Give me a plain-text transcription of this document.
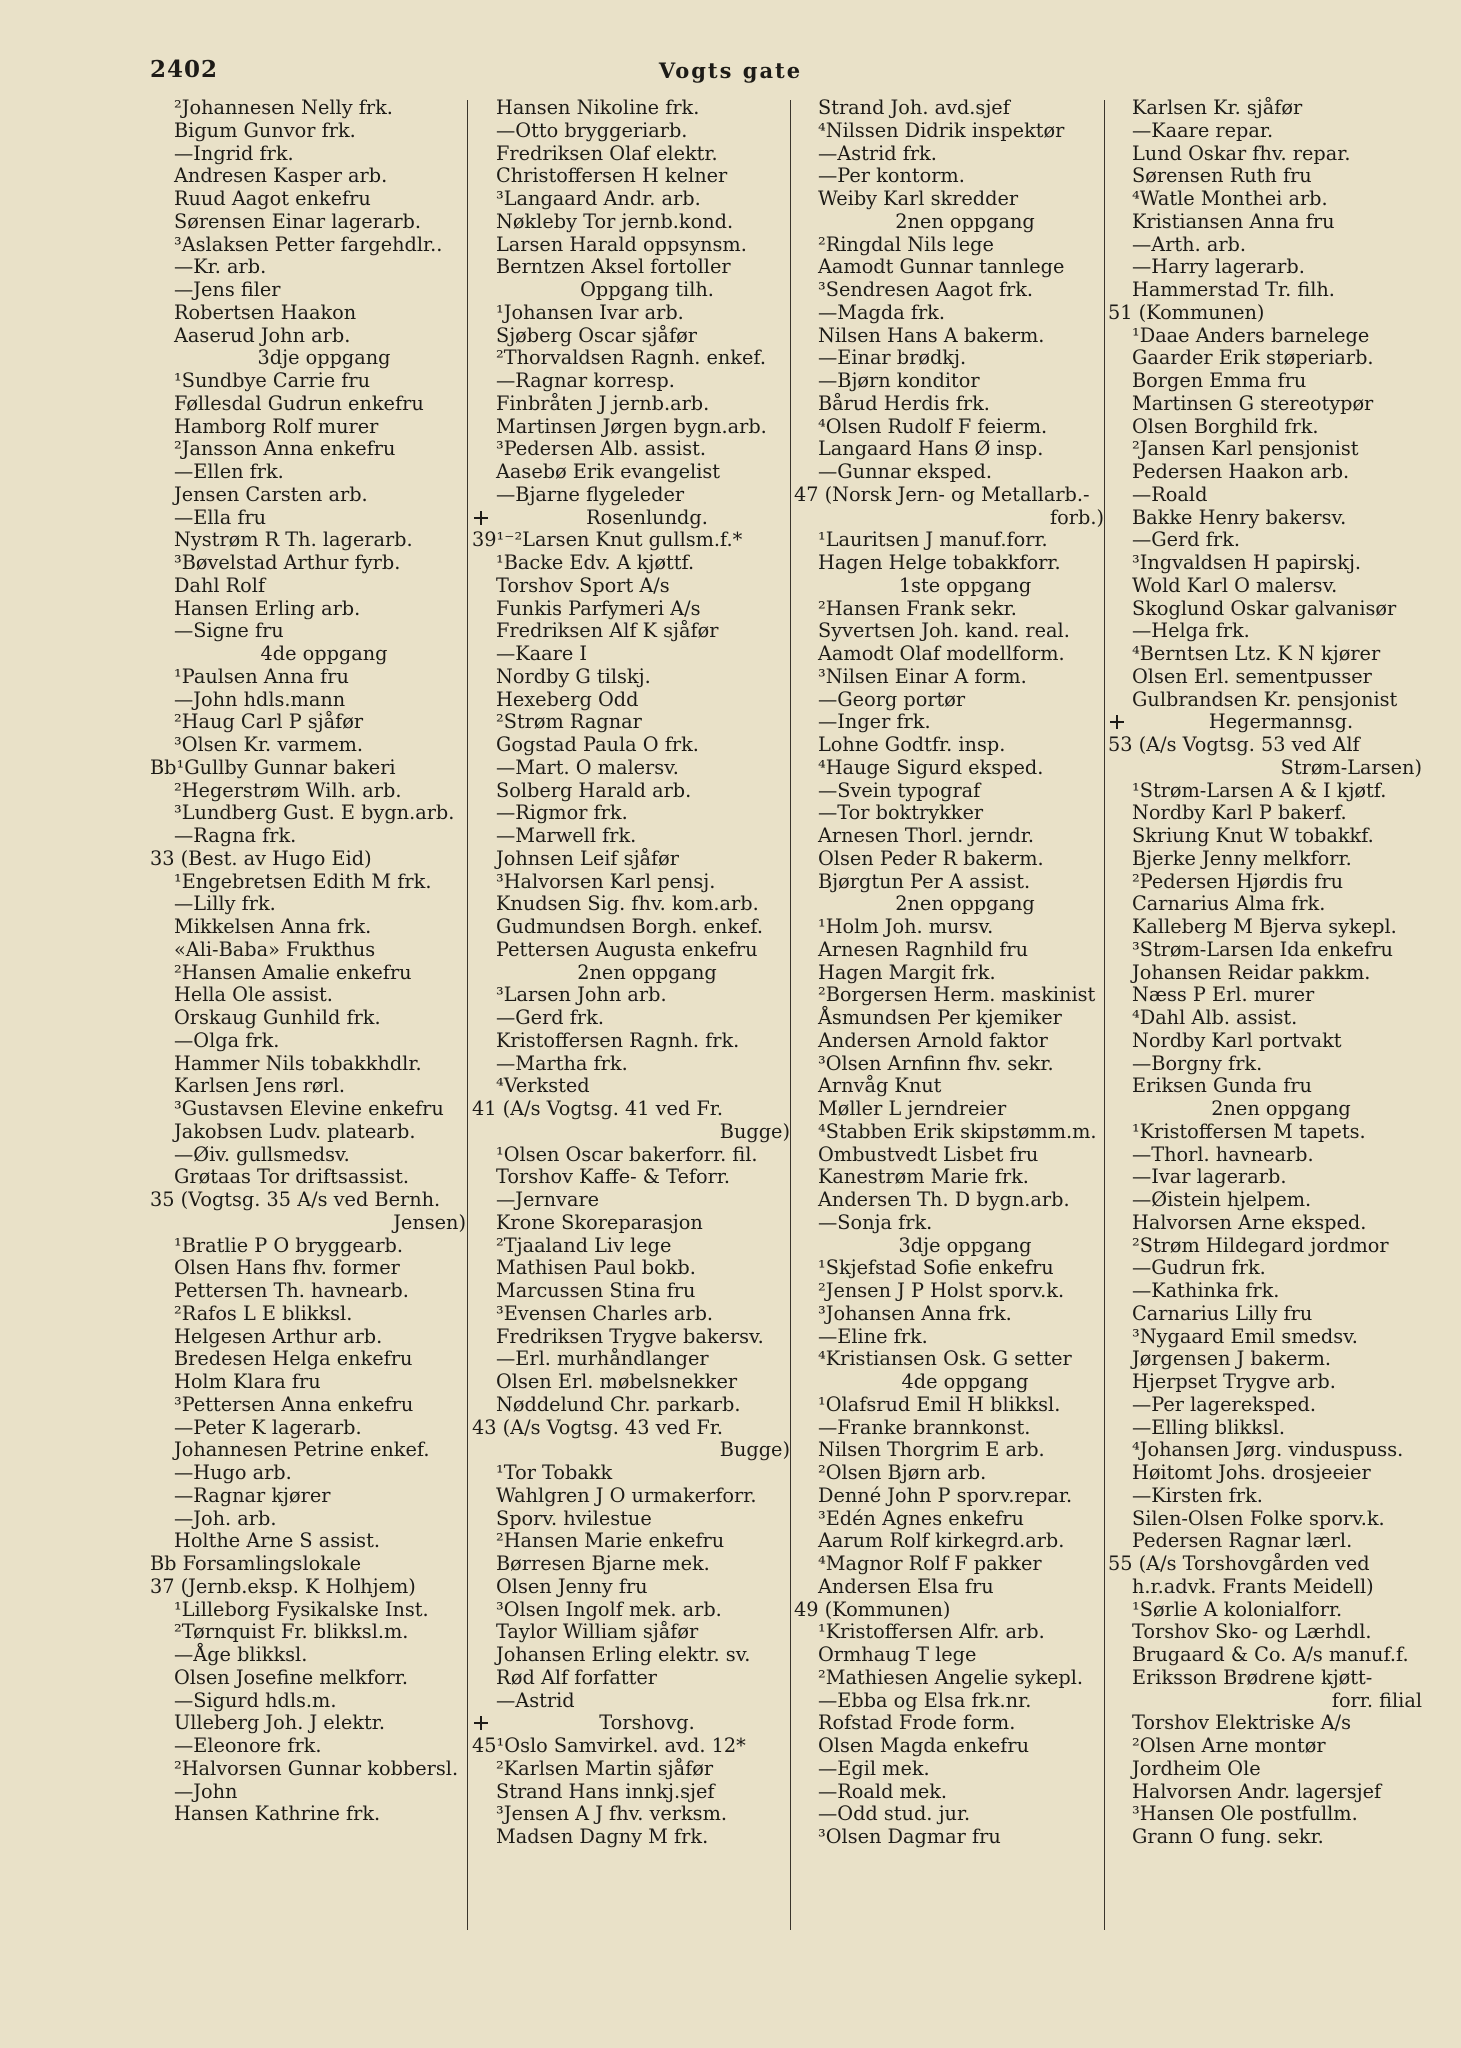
2402	Vogts gate
²Johannesen Nelly frk.
Bigum Gunvor frk.
—Ingrid frk.
Andresen Kasper arb.
Ruud Aagot enkefru
Sørensen Einar lagerarb.
³Aslaksen Petter fargehdlr..
—Kr. arb.
—Jens filer
Robertsen Haakon
Aaserud John arb.
3dje oppgang
¹Sundbye Carrie fru
Føllesdal Gudrun enkefru
Hamborg Rolf murer
²Jansson Anna enkefru
—Ellen frk.
Jensen Carsten arb.
—Ella fru
Nystrøm R Th. lagerarb.
³Bøvelstad Arthur fyrb.
Dahl Rolf
Hansen Erling arb.
—Signe fru
4de oppgang
¹Paulsen Anna fru
—John hdls.mann
²Haug Carl P sjåfør
³Olsen Kr. varmem.
Bb¹Gullby Gunnar bakeri
²Hegerstrøm Wilh. arb.
³Lundberg Gust. E bygn.arb.
—Ragna frk.
33 (Best. av Hugo Eid)
¹Engebretsen Edith M frk.
—Lilly frk.
Mikkelsen Anna frk.
«Ali-Baba» Frukthus
²Hansen Amalie enkefru
Hella Ole assist.
Orskaug Gunhild frk.
—Olga frk.
Hammer Nils tobakkhdlr.
Karlsen Jens rørl.
³Gustavsen Elevine enkefru
Jakobsen Ludv. platearb.
—Øiv. gullsmedsv.
Grøtaas Tor driftsassist.
35 (Vogtsg. 35 A/s ved Bernh.
Jensen)
¹Bratlie P O bryggearb.
Olsen Hans fhv. former
Pettersen Th. havnearb.
²Rafos L E blikksl.
Helgesen Arthur arb.
Bredesen Helga enkefru
Holm Klara fru
³Pettersen Anna enkefru
—Peter K lagerarb.
Johannesen Petrine enkef.
—Hugo arb.
—Ragnar kjører
—Joh. arb.
Holthe Arne S assist.
Bb Forsamlingslokale
37 (Jernb.eksp. K Holhjem)
¹Lilleborg Fysikalske Inst.
²Tørnquist Fr. blikksl.m.
—Åge blikksl.
Olsen Josefine melkforr.
—Sigurd hdls.m.
Ulleberg Joh. J elektr.
—Eleonore frk.
²Halvorsen Gunnar kobbersl.
—John
Hansen Kathrine frk.
Hansen Nikoline frk.
—Otto bryggeriarb.
Fredriksen Olaf elektr.
Christoffersen H kelner
³Langaard Andr. arb.
Nøkleby Tor jernb.kond.
Larsen Harald oppsynsm.
Berntzen Aksel fortoller
Oppgang tilh.
¹Johansen Ivar arb.
Sjøberg Oscar sjåfør
²Thorvaldsen Ragnh. enkef.
—Ragnar korresp.
Finbråten J jernb.arb.
Martinsen Jørgen bygn.arb.
³Pedersen Alb. assist.
Aasebø Erik evangelist
—Bjarne flygeleder
Rosenlundg.
39¹⁻²Larsen Knut gullsm.f.*
¹Backe Edv. A kjøttf.
Torshov Sport A/s
Funkis Parfymeri A/s
Fredriksen Alf K sjåfør
—Kaare I
Nordby G tilskj.
Hexeberg Odd
²Strøm Ragnar
Gogstad Paula O frk.
—Mart. O malersv.
Solberg Harald arb.
—Rigmor frk.
—Marwell frk.
Johnsen Leif sjåfør
³Halvorsen Karl pensj.
Knudsen Sig. fhv. kom.arb.
Gudmundsen Borgh. enkef.
Pettersen Augusta enkefru
2nen oppgang
³Larsen John arb.
—Gerd frk.
Kristoffersen Ragnh. frk.
—Martha frk.
⁴Verksted
41 (A/s Vogtsg. 41 ved Fr.
Bugge)
¹Olsen Oscar bakerforr. fil.
Torshov Kaffe- & Teforr.
—Jernvare
Krone Skoreparasjon
²Tjaaland Liv lege
Mathisen Paul bokb.
Marcussen Stina fru
³Evensen Charles arb.
Fredriksen Trygve bakersv.
—Erl. murhåndlanger
Olsen Erl. møbelsnekker
Nøddelund Chr. parkarb.
43 (A/s Vogtsg. 43 ved Fr.
Bugge)
¹Tor Tobakk
Wahlgren J O urmakerforr.
Sporv. hvilestue
²Hansen Marie enkefru
Børresen Bjarne mek.
Olsen Jenny fru
³Olsen Ingolf mek. arb.
Taylor William sjåfør
Johansen Erling elektr. sv.
Rød Alf forfatter
—Astrid
Torshovg.
45¹Oslo Samvirkel. avd. 12*
²Karlsen Martin sjåfør
Strand Hans innkj.sjef
³Jensen A J fhv. verksm.
Madsen Dagny M frk.
Strand Joh. avd.sjef
⁴Nilssen Didrik inspektør
—Astrid frk.
—Per kontorm.
Weiby Karl skredder
2nen oppgang
²Ringdal Nils lege
Aamodt Gunnar tannlege
³Sendresen Aagot frk.
—Magda frk.
Nilsen Hans A bakerm.
—Einar brødkj.
—Bjørn konditor
Bårud Herdis frk.
⁴Olsen Rudolf F feierm.
Langaard Hans Ø insp.
—Gunnar eksped.
47 (Norsk Jern- og Metallarb.-
forb.)
¹Lauritsen J manuf.forr.
Hagen Helge tobakkforr.
1ste oppgang
²Hansen Frank sekr.
Syvertsen Joh. kand. real.
Aamodt Olaf modellform.
³Nilsen Einar A form.
—Georg portør
—Inger frk.
Lohne Godtfr. insp.
⁴Hauge Sigurd eksped.
—Svein typograf
—Tor boktrykker
Arnesen Thorl. jerndr.
Olsen Peder R bakerm.
Bjørgtun Per A assist.
2nen oppgang
¹Holm Joh. mursv.
Arnesen Ragnhild fru
Hagen Margit frk.
²Borgersen Herm. maskinist
Åsmundsen Per kjemiker
Andersen Arnold faktor
³Olsen Arnfinn fhv. sekr.
Arnvåg Knut
Møller L jerndreier
⁴Stabben Erik skipstømm.m.
Ombustvedt Lisbet fru
Kanestrøm Marie frk.
Andersen Th. D bygn.arb.
—Sonja frk.
3dje oppgang
¹Skjefstad Sofie enkefru
²Jensen J P Holst sporv.k.
³Johansen Anna frk.
—Eline frk.
⁴Kristiansen Osk. G setter
4de oppgang
¹Olafsrud Emil H blikksl.
—Franke brannkonst.
Nilsen Thorgrim E arb.
²Olsen Bjørn arb.
Denné John P sporv.repar.
³Edén Agnes enkefru
Aarum Rolf kirkegrd.arb.
⁴Magnor Rolf F pakker
Andersen Elsa fru
49 (Kommunen)
¹Kristoffersen Alfr. arb.
Ormhaug T lege
²Mathiesen Angelie sykepl.
—Ebba og Elsa frk.nr.
Rofstad Frode form.
Olsen Magda enkefru
—Egil mek.
—Roald mek.
—Odd stud. jur.
³Olsen Dagmar fru
Karlsen Kr. sjåfør
—Kaare repar.
Lund Oskar fhv. repar.
Sørensen Ruth fru
⁴Watle Monthei arb.
Kristiansen Anna fru
—Arth. arb.
—Harry lagerarb.
Hammerstad Tr. filh.
51 (Kommunen)
¹Daae Anders barnelege
Gaarder Erik støperiarb.
Borgen Emma fru
Martinsen G stereotypør
Olsen Borghild frk.
²Jansen Karl pensjonist
Pedersen Haakon arb.
—Roald
Bakke Henry bakersv.
—Gerd frk.
³Ingvaldsen H papirskj.
Wold Karl O malersv.
Skoglund Oskar galvanisør
—Helga frk.
⁴Berntsen Ltz. K N kjører
Olsen Erl. sementpusser
Gulbrandsen Kr. pensjonist
Hegermannsg.
53 (A/s Vogtsg. 53 ved Alf
Strøm-Larsen)
¹Strøm-Larsen A & I kjøtf.
Nordby Karl P bakerf.
Skriung Knut W tobakkf.
Bjerke Jenny melkforr.
²Pedersen Hjørdis fru
Carnarius Alma frk.
Kalleberg M Bjerva sykepl.
³Strøm-Larsen Ida enkefru
Johansen Reidar pakkm.
Næss P Erl. murer
⁴Dahl Alb. assist.
Nordby Karl portvakt
—Borgny frk.
Eriksen Gunda fru
2nen oppgang
¹Kristoffersen M tapets.
—Thorl. havnearb.
—Ivar lagerarb.
—Øistein hjelpem.
Halvorsen Arne eksped.
²Strøm Hildegard jordmor
—Gudrun frk.
—Kathinka frk.
Carnarius Lilly fru
³Nygaard Emil smedsv.
Jørgensen J bakerm.
Hjerpset Trygve arb.
—Per lagereksped.
—Elling blikksl.
⁴Johansen Jørg. vinduspuss.
Høitomt Johs. drosjeeier
—Kirsten frk.
Silen-Olsen Folke sporv.k.
Pedersen Ragnar lærl.
55 (A/s Torshovgården ved
h.r.advk. Frants Meidell)
¹Sørlie A kolonialforr.
Torshov Sko- og Lærhdl.
Brugaard & Co. A/s manuf.f.
Eriksson Brødrene kjøtt-
forr. filial
Torshov Elektriske A/s
²Olsen Arne montør
Jordheim Ole
Halvorsen Andr. lagersjef
³Hansen Ole postfullm.
Grann O fung. sekr.
